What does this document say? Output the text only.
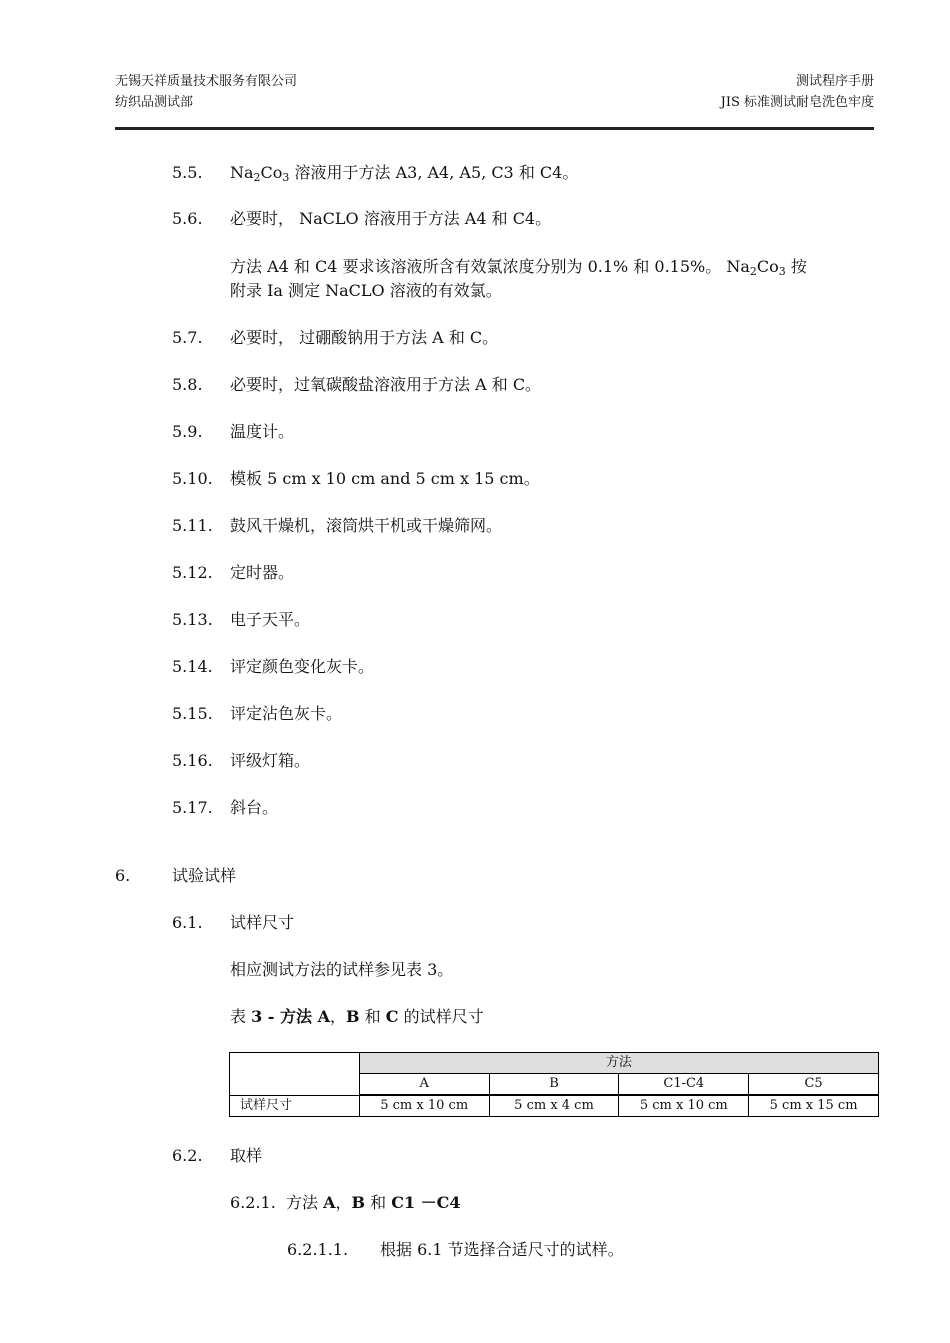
无锡天祥质量技术服务有限公司
纺织品测试部
测试程序手册
JIS 标准测试耐皂洗色牢度
5.5. $Na_2Co_3$ 溶液用于方法 A3, A4, A5, C3 和 C4。
5.6. 必要时， NaCLO 溶液用于方法 A4 和 C4。
方法 A4 和 C4 要求该溶液所含有效氯浓度分别为 0.1% 和 0.15%。 $Na_2Co_3$ 按
附录 Ia 测定 NaCLO 溶液的有效氯。
5.7. 必要时， 过硼酸钠用于方法 A 和 C。
5.8. 必要时，过氧碳酸盐溶液用于方法 A 和 C。
5.9. 温度计。
5.10. 模板 5 cm x 10 cm and 5 cm x 15 cm。
5.11. 鼓风干燥机，滚筒烘干机或干燥筛网。
5.12. 定时器。
5.13. 电子天平。
5.14. 评定颜色变化灰卡。
5.15. 评定沾色灰卡。
5.16. 评级灯箱。
5.17. 斜台。
6.	试验试样
6.1. 试样尺寸
相应测试方法的试样参见表 3。
表 3 - 方法 A，B 和 C 的试样尺寸
	方法			
	A	B	C1-C4	C5
试样尺寸	5 cm x 10 cm	5 cm x 4 cm	5 cm x 10 cm	5 cm x 15 cm
6.2. 取样
6.2.1. 方法 A，B 和 C1 －C4
6.2.1.1. 根据 6.1 节选择合适尺寸的试样。
